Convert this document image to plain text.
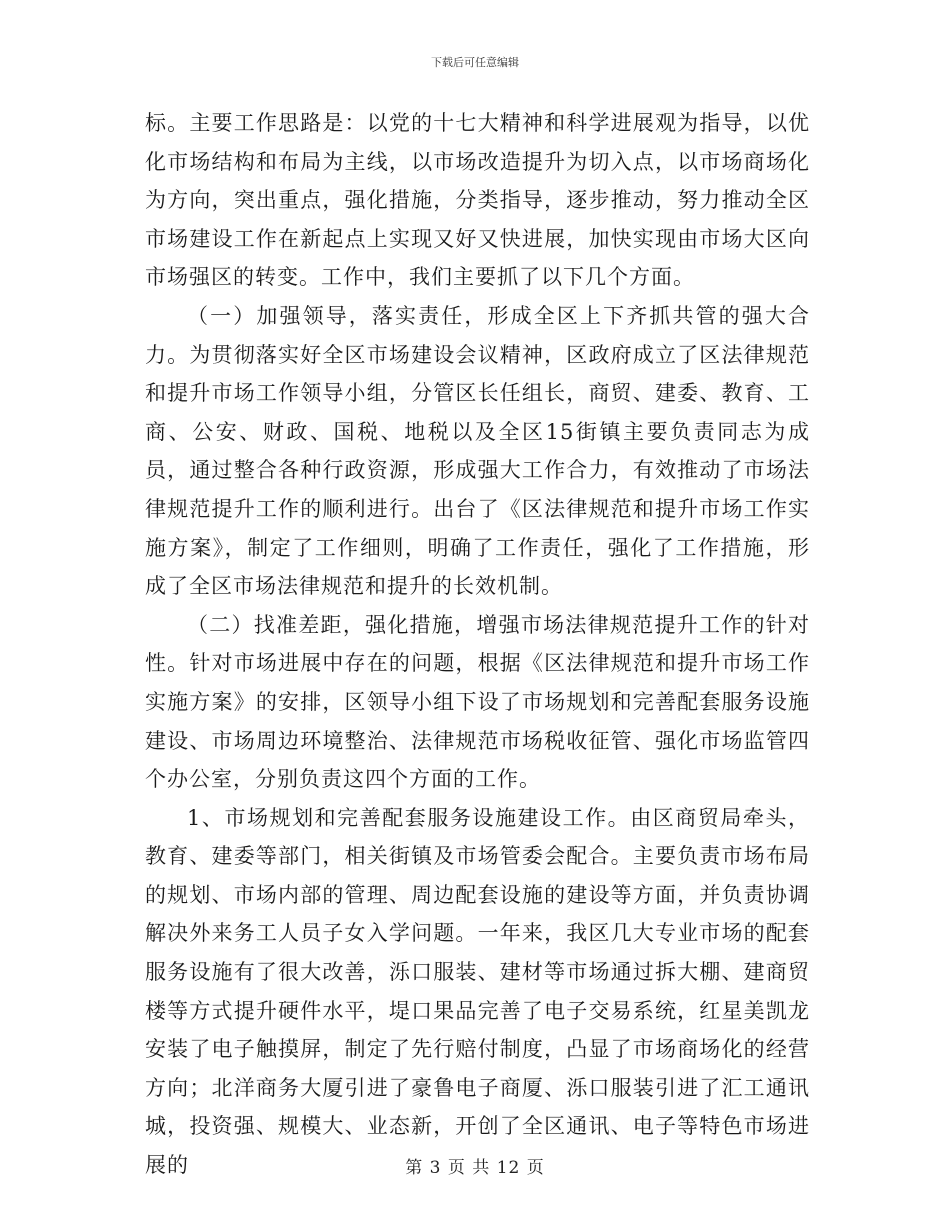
下载后可任意编辑

标。主要工作思路是：以党的十七大精神和科学进展观为指导，以优化市场结构和布局为主线，以市场改造提升为切入点，以市场商场化为方向，突出重点，强化措施，分类指导，逐步推动，努力推动全区市场建设工作在新起点上实现又好又快进展，加快实现由市场大区向市场强区的转变。工作中，我们主要抓了以下几个方面。

（一）加强领导，落实责任，形成全区上下齐抓共管的强大合力。为贯彻落实好全区市场建设会议精神，区政府成立了区法律规范和提升市场工作领导小组，分管区长任组长，商贸、建委、教育、工商、公安、财政、国税、地税以及全区15街镇主要负责同志为成员，通过整合各种行政资源，形成强大工作合力，有效推动了市场法律规范提升工作的顺利进行。出台了《区法律规范和提升市场工作实施方案》，制定了工作细则，明确了工作责任，强化了工作措施，形成了全区市场法律规范和提升的长效机制。

（二）找准差距，强化措施，增强市场法律规范提升工作的针对性。针对市场进展中存在的问题，根据《区法律规范和提升市场工作实施方案》的安排，区领导小组下设了市场规划和完善配套服务设施建设、市场周边环境整治、法律规范市场税收征管、强化市场监管四个办公室，分别负责这四个方面的工作。

1、市场规划和完善配套服务设施建设工作。由区商贸局牵头，教育、建委等部门，相关街镇及市场管委会配合。主要负责市场布局的规划、市场内部的管理、周边配套设施的建设等方面，并负责协调解决外来务工人员子女入学问题。一年来，我区几大专业市场的配套服务设施有了很大改善，泺口服装、建材等市场通过拆大棚、建商贸楼等方式提升硬件水平，堤口果品完善了电子交易系统，红星美凯龙安装了电子触摸屏，制定了先行赔付制度，凸显了市场商场化的经营方向；北洋商务大厦引进了豪鲁电子商厦、泺口服装引进了汇工通讯城，投资强、规模大、业态新，开创了全区通讯、电子等特色市场进展的	第 3 页 共 12 页
